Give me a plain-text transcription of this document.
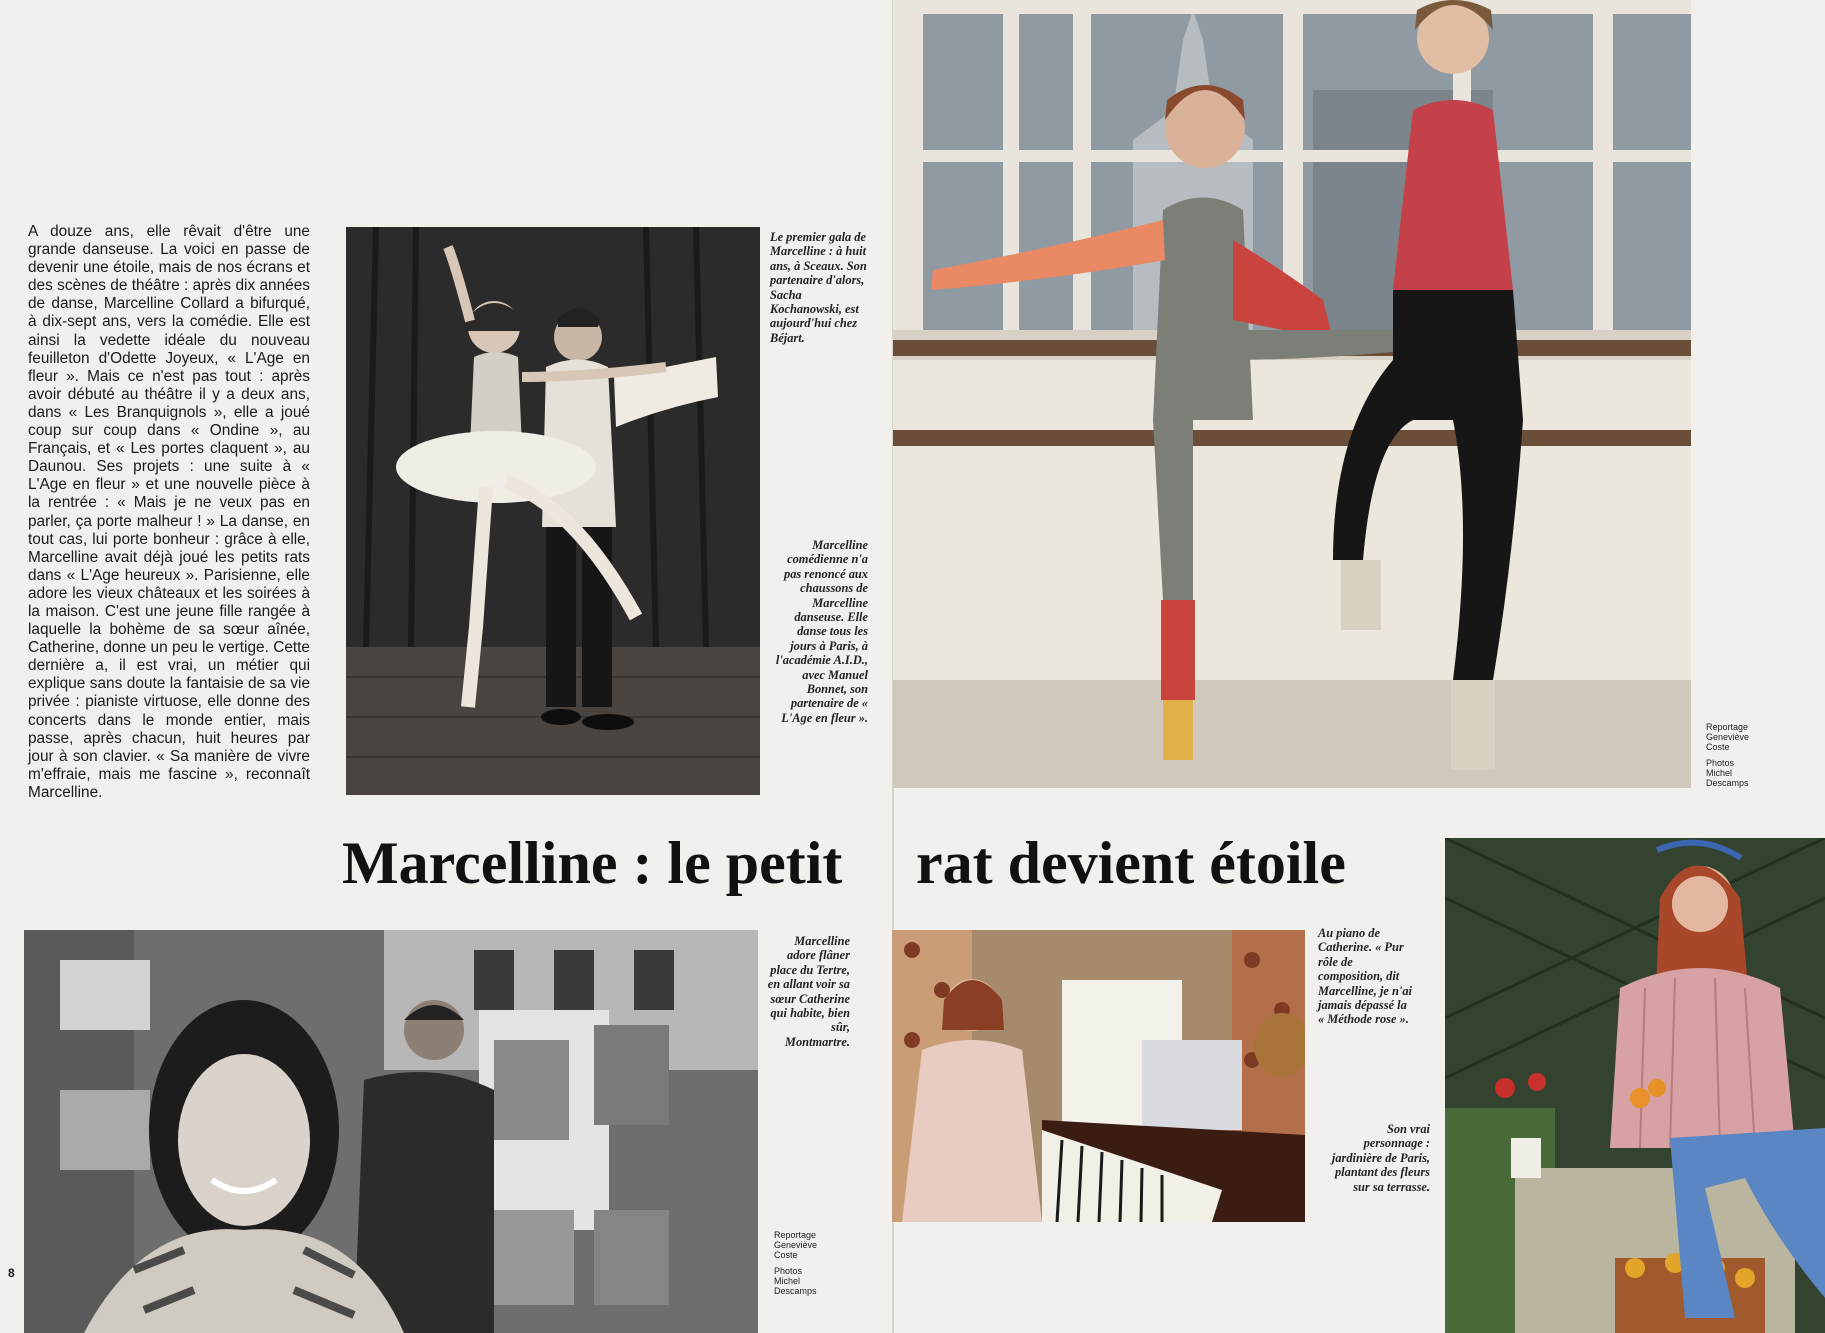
A douze ans, elle rêvait d'être une grande danseuse. La voici en passe de devenir une étoile, mais de nos écrans et des scènes de théâtre : après dix années de danse, Marcelline Collard a bifurqué, à dix-sept ans, vers la comédie. Elle est ainsi la vedette idéale du nouveau feuilleton d'Odette Joyeux, « L'Age en fleur ». Mais ce n'est pas tout : après avoir débuté au théâtre il y a deux ans, dans « Les Branquignols », elle a joué coup sur coup dans « Ondine », au Français, et « Les portes claquent », au Daunou. Ses projets : une suite à « L'Age en fleur » et une nouvelle pièce à la rentrée : « Mais je ne veux pas en parler, ça porte malheur ! » La danse, en tout cas, lui porte bonheur : grâce à elle, Marcelline avait déjà joué les petits rats dans « L'Age heureux ». Parisienne, elle adore les vieux châteaux et les soirées à la maison. C'est une jeune fille rangée à laquelle la bohème de sa sœur aînée, Catherine, donne un peu le vertige. Cette dernière a, il est vrai, un métier qui explique sans doute la fantaisie de sa vie privée : pianiste virtuose, elle donne des concerts dans le monde entier, mais passe, après chacun, huit heures par jour à son clavier. « Sa manière de vivre m'effraie, mais me fascine », reconnaît Marcelline.
Le premier gala de Marcelline : à huit ans, à Sceaux. Son partenaire d'alors, Sacha Kochanowski, est aujourd'hui chez Béjart.
Marcelline comédienne n'a pas renoncé aux chaussons de Marcelline danseuse. Elle danse tous les jours à Paris, à l'académie A.I.D., avec Manuel Bonnet, son partenaire de « L'Age en fleur ».
Marcelline : le petit
Marcelline adore flâner place du Tertre, en allant voir sa sœur Catherine qui habite, bien sûr, Montmartre.
Reportage
Geneviève
Coste
Photos
Michel
Descamps
8
Reportage
Geneviève
Coste
Photos
Michel
Descamps
rat devient étoile
Au piano de Catherine. « Pur rôle de composition, dit Marcelline, je n'ai jamais dépassé la « Méthode rose ».
Son vrai personnage : jardinière de Paris, plantant des fleurs sur sa terrasse.
